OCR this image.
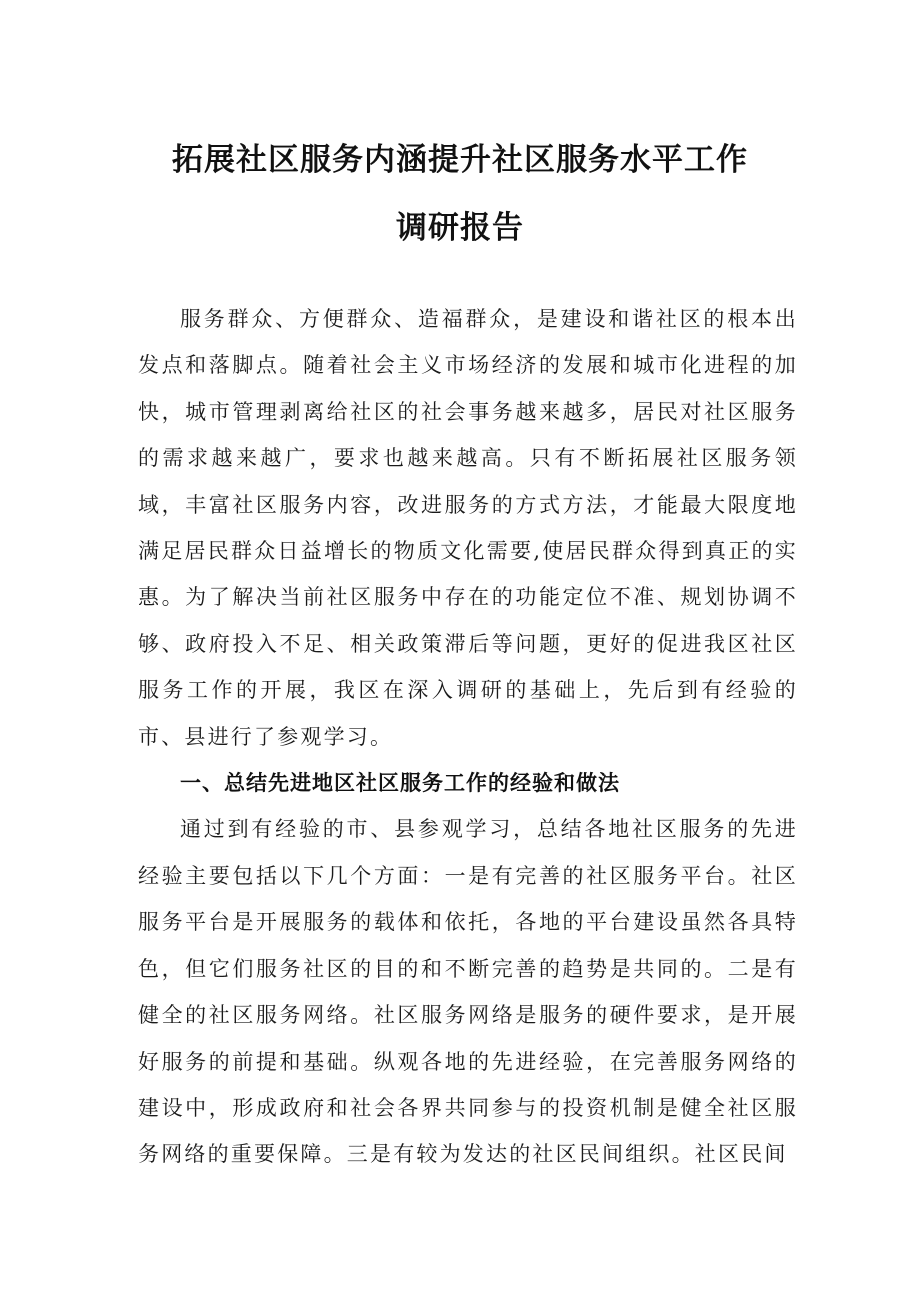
拓展社区服务内涵提升社区服务水平工作
调研报告

服务群众、方便群众、造福群众，是建设和谐社区的根本出发点和落脚点。随着社会主义市场经济的发展和城市化进程的加快，城市管理剥离给社区的社会事务越来越多，居民对社区服务的需求越来越广，要求也越来越高。只有不断拓展社区服务领域，丰富社区服务内容，改进服务的方式方法，才能最大限度地满足居民群众日益增长的物质文化需要,使居民群众得到真正的实惠。为了解决当前社区服务中存在的功能定位不准、规划协调不够、政府投入不足、相关政策滞后等问题，更好的促进我区社区服务工作的开展，我区在深入调研的基础上，先后到有经验的市、县进行了参观学习。

一、总结先进地区社区服务工作的经验和做法

通过到有经验的市、县参观学习，总结各地社区服务的先进经验主要包括以下几个方面：一是有完善的社区服务平台。社区服务平台是开展服务的载体和依托，各地的平台建设虽然各具特色，但它们服务社区的目的和不断完善的趋势是共同的。二是有健全的社区服务网络。社区服务网络是服务的硬件要求，是开展好服务的前提和基础。纵观各地的先进经验，在完善服务网络的建设中，形成政府和社会各界共同参与的投资机制是健全社区服务网络的重要保障。三是有较为发达的社区民间组织。社区民间
